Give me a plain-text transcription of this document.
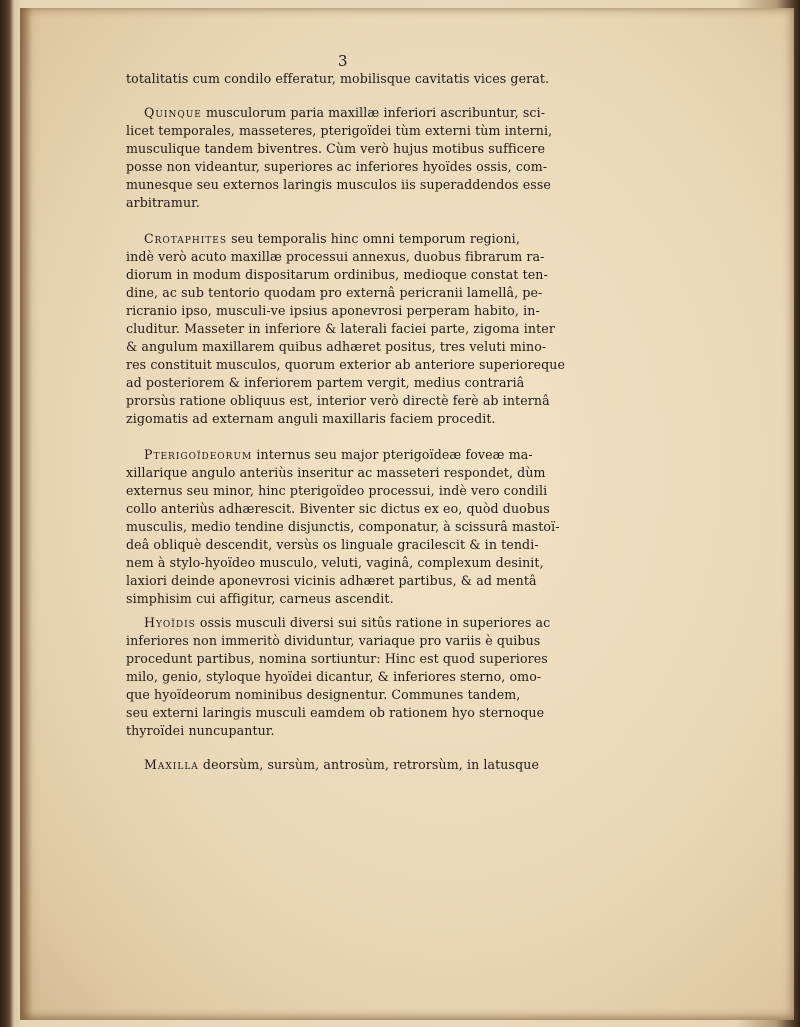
3
totalitatis cum condilo efferatur, mobilisque cavitatis vices gerat.
Quinque musculorum paria maxillæ inferiori ascribuntur, sci-
licet temporales, masseteres, pterigoïdei tùm externi tùm interni,
musculique tandem biventres. Cùm verò hujus motibus sufficere
posse non videantur, superiores ac inferiores hyoïdes ossis, com-
munesque seu externos laringis musculos iis superaddendos esse
arbitramur.
Crotaphites seu temporalis hinc omni temporum regioni,
indè verò acuto maxillæ processui annexus, duobus fibrarum ra-
diorum in modum dispositarum ordinibus, medioque constat ten-
dine, ac sub tentorio quodam pro externâ pericranii lamellâ, pe-
ricranio ipso, musculi-ve ipsius aponevrosi perperam habito, in-
cluditur. Masseter in inferiore & laterali faciei parte, zigoma inter
& angulum maxillarem quibus adhæret positus, tres veluti mino-
res constituit musculos, quorum exterior ab anteriore superioreque
ad posteriorem & inferiorem partem vergit, medius contrariâ
prorsùs ratione obliquus est, interior verò directè ferè ab internâ
zigomatis ad externam anguli maxillaris faciem procedit.
Pterigoïdeorum internus seu major pterigoïdeæ foveæ ma-
xillarique angulo anteriùs inseritur ac masseteri respondet, dùm
externus seu minor, hinc pterigoïdeo processui, indè vero condili
collo anteriùs adhærescit. Biventer sic dictus ex eo, quòd duobus
musculis, medio tendine disjunctis, componatur, à scissurâ mastoï-
deâ obliquè descendit, versùs os linguale gracilescit & in tendi-
nem à stylo-hyoïdeo musculo, veluti, vaginâ, complexum desinit,
laxiori deinde aponevrosi vicinis adhæret partibus, & ad mentâ
simphisim cui affigitur, carneus ascendit.
Hyoïdis ossis musculi diversi sui sitûs ratione in superiores ac
inferiores non immeritò dividuntur, variaque pro variis è quibus
procedunt partibus, nomina sortiuntur: Hinc est quod superiores
milo, genio, styloque hyoïdei dicantur, & inferiores sterno, omo-
que hyoïdeorum nominibus designentur. Communes tandem,
seu externi laringis musculi eamdem ob rationem hyo sternoque
thyroïdei nuncupantur.
Maxilla deorsùm, sursùm, antrosùm, retrorsùm, in latusque
